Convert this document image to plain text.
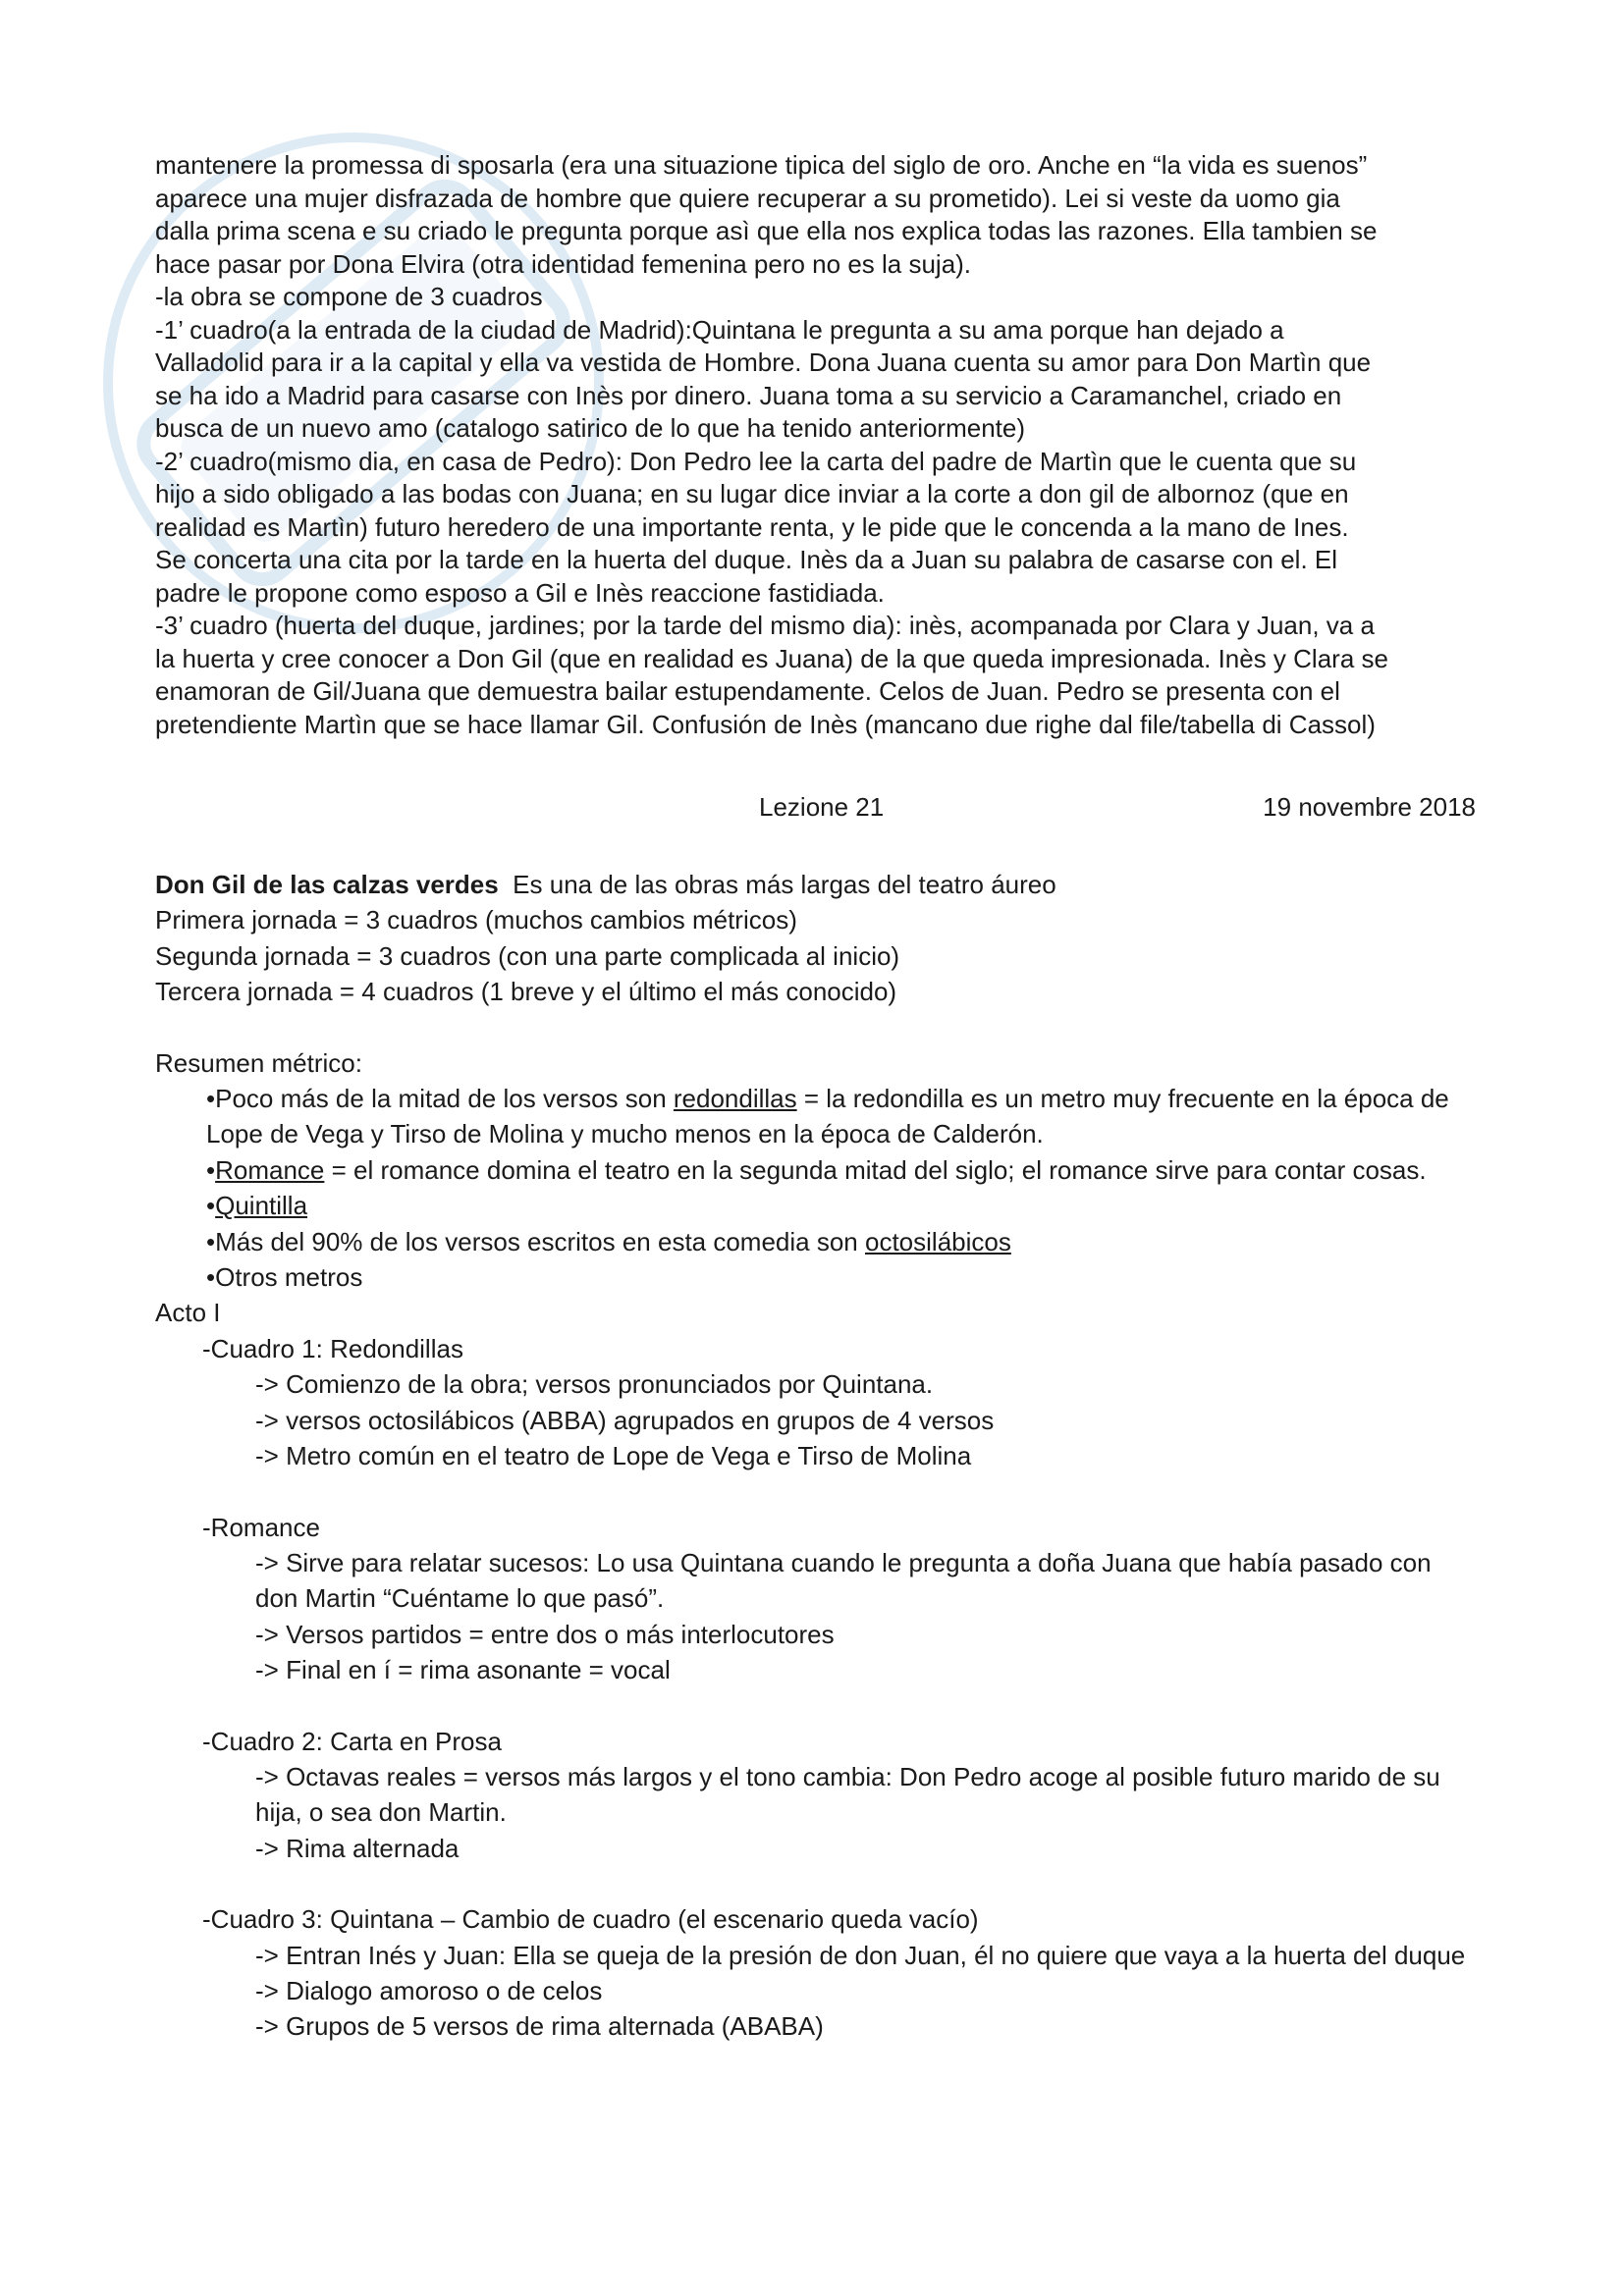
mantenere la promessa di sposarla (era una situazione tipica del siglo de oro. Anche en “la vida es suenos”

aparece una mujer disfrazada de hombre que quiere recuperar a su prometido). Lei si veste da uomo gia

dalla prima scena e su criado le pregunta porque asì que ella nos explica todas las razones. Ella tambien se

hace pasar por Dona Elvira (otra identidad femenina pero no es la suja).

-la obra se compone de 3 cuadros

-1’ cuadro(a la entrada de la ciudad de Madrid):Quintana le pregunta a su ama porque han dejado a

Valladolid para ir a la capital y ella va vestida de Hombre. Dona Juana cuenta su amor para Don Martìn que

se ha ido a Madrid para casarse con Inès por dinero. Juana toma a su servicio a Caramanchel, criado en

busca de un nuevo amo (catalogo satirico de lo que ha tenido anteriormente)

-2’ cuadro(mismo dia, en casa de Pedro): Don Pedro lee la carta del padre de Martìn que le cuenta que su

hijo a sido obligado a las bodas con Juana; en su lugar dice inviar a la corte a don gil de albornoz (que en

realidad es Martìn) futuro heredero de una importante renta, y le pide que le concenda a la mano de Ines.

Se concerta una cita por la tarde en la huerta del duque. Inès da a Juan su palabra de casarse con el. El

padre le propone como esposo a Gil e Inès reaccione fastidiada.

-3’ cuadro (huerta del duque, jardines; por la tarde del mismo dia): inès, acompanada por Clara y Juan, va a

la huerta y cree conocer a Don Gil (que en realidad es Juana) de la que queda impresionada. Inès y Clara se

enamoran de Gil/Juana que demuestra bailar estupendamente. Celos de Juan. Pedro se presenta con el

pretendiente Martìn que se hace llamar Gil. Confusión de Inès (mancano due righe dal file/tabella di Cassol)

Lezione 21	19 novembre 2018

Don Gil de las calzas verdes Es una de las obras más largas del teatro áureo

Primera jornada = 3 cuadros (muchos cambios métricos)

Segunda jornada = 3 cuadros (con una parte complicada al inicio)

Tercera jornada = 4 cuadros (1 breve y el último el más conocido)

Resumen métrico:

•Poco más de la mitad de los versos son redondillas = la redondilla es un metro muy frecuente en la época de Lope de Vega y Tirso de Molina y mucho menos en la época de Calderón.

•Romance = el romance domina el teatro en la segunda mitad del siglo; el romance sirve para contar cosas.

•Quintilla

•Más del 90% de los versos escritos en esta comedia son octosilábicos

•Otros metros

Acto I

-Cuadro 1: Redondillas

-> Comienzo de la obra; versos pronunciados por Quintana.

-> versos octosilábicos (ABBA) agrupados en grupos de 4 versos

-> Metro común en el teatro de Lope de Vega e Tirso de Molina

-Romance

-> Sirve para relatar sucesos: Lo usa Quintana cuando le pregunta a doña Juana que había pasado con don Martin “Cuéntame lo que pasó”.

-> Versos partidos = entre dos o más interlocutores

-> Final en í = rima asonante = vocal

-Cuadro 2: Carta en Prosa

-> Octavas reales = versos más largos y el tono cambia: Don Pedro acoge al posible futuro marido de su hija, o sea don Martin.

-> Rima alternada

-Cuadro 3: Quintana – Cambio de cuadro (el escenario queda vacío)

-> Entran Inés y Juan: Ella se queja de la presión de don Juan, él no quiere que vaya a la huerta del duque

-> Dialogo amoroso o de celos

-> Grupos de 5 versos de rima alternada (ABABA)
